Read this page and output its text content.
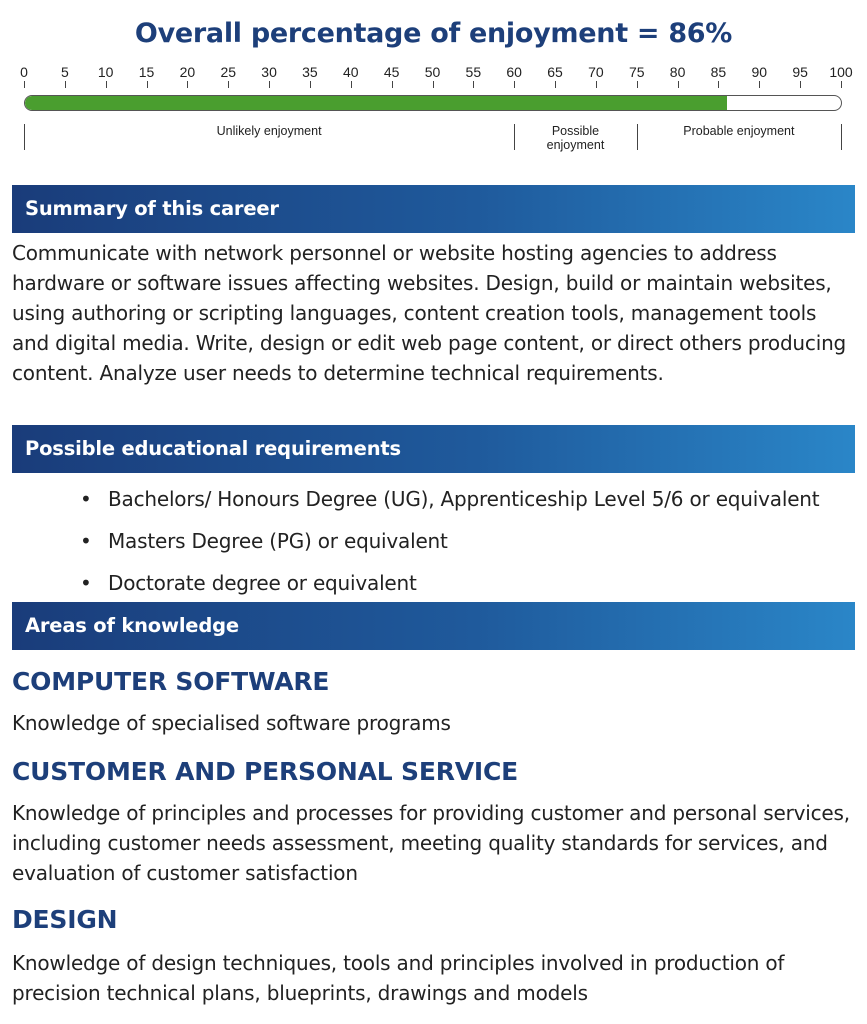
Overall percentage of enjoyment = 86%
0 5 10 15 20 25 30 35 40 45 50 55 60 65 70 75 80 85 90 95 100
Unlikely enjoyment	Possible
enjoyment
Probable enjoyment
Summary of this career
Communicate with network personnel or website hosting agencies to address hardware or software issues affecting websites. Design, build or maintain websites, using authoring or scripting languages, content creation tools, management tools and digital media. Write, design or edit web page content, or direct others producing content. Analyze user needs to determine technical requirements.
Possible educational requirements
• Bachelors/ Honours Degree (UG), Apprenticeship Level 5/6 or equivalent
• Masters Degree (PG) or equivalent
• Doctorate degree or equivalent
Areas of knowledge
COMPUTER SOFTWARE
Knowledge of specialised software programs
CUSTOMER AND PERSONAL SERVICE
Knowledge of principles and processes for providing customer and personal services, including customer needs assessment, meeting quality standards for services, and evaluation of customer satisfaction
DESIGN
Knowledge of design techniques, tools and principles involved in production of precision technical plans, blueprints, drawings and models
